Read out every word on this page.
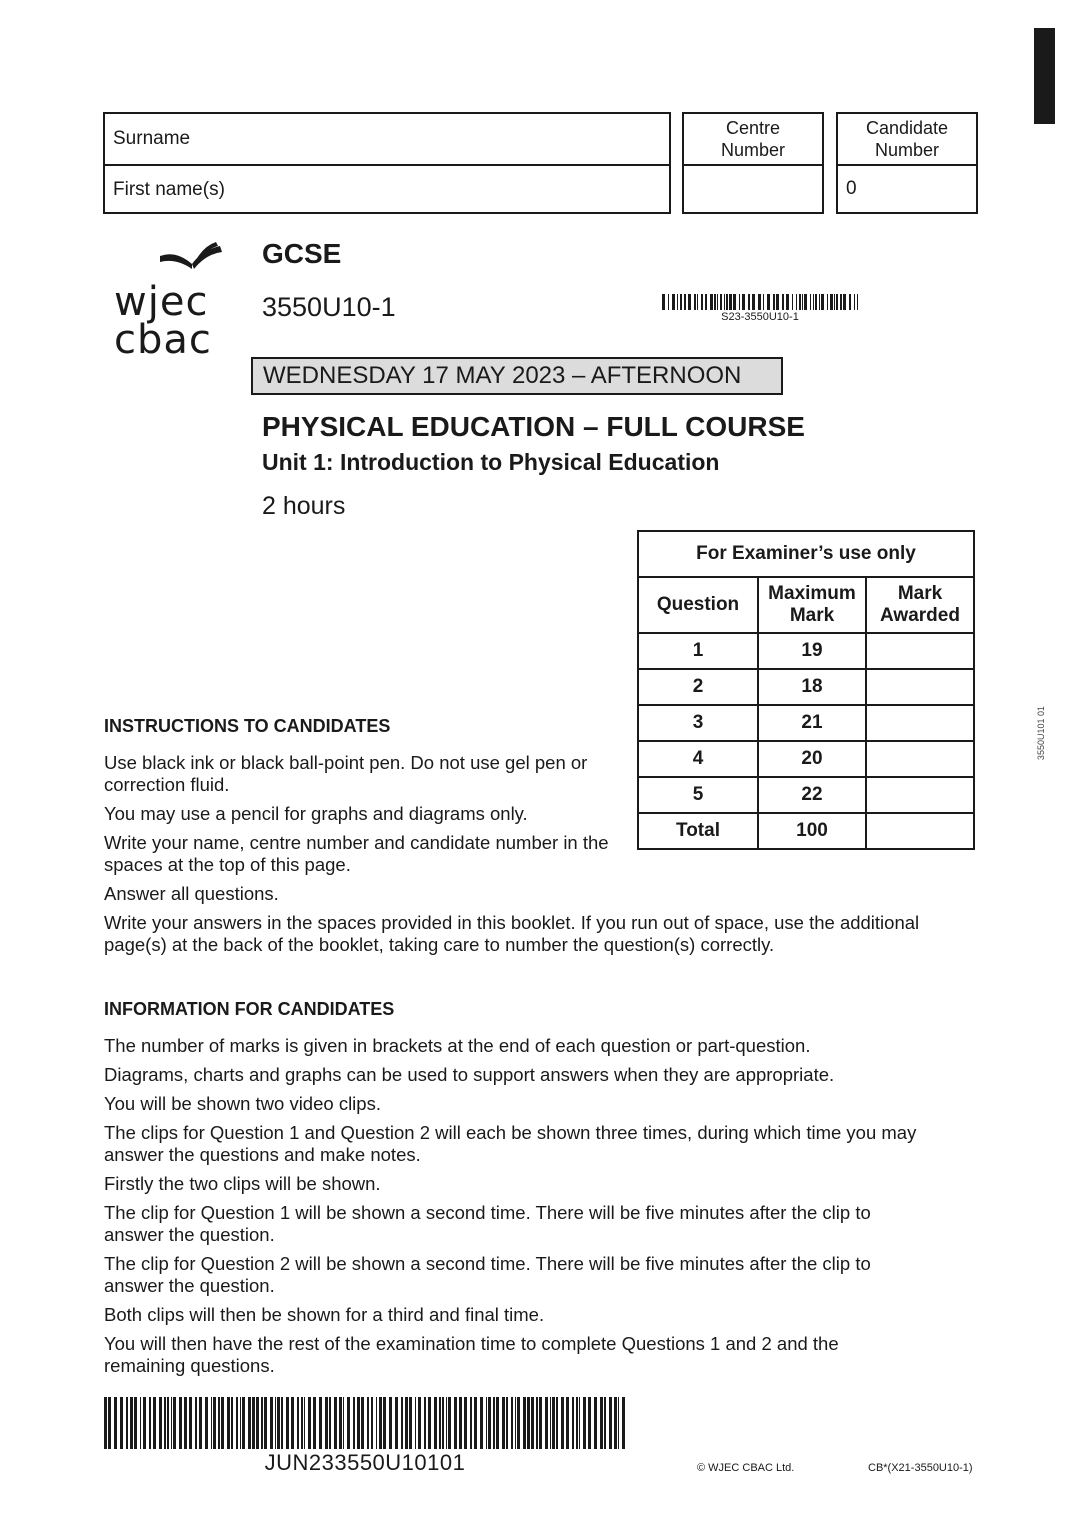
Surname
First name(s)
Centre Number
Candidate Number
0
wjec
cbac
GCSE
3550U10-1	S23-3550U10-1
WEDNESDAY 17 MAY 2023 – AFTERNOON
PHYSICAL EDUCATION – FULL COURSE
Unit 1: Introduction to Physical Education
2 hours
For Examiner’s use only		
Question	Maximum Mark	Mark Awarded
1	19	
2	18	
3	21	
4	20	
5	22	
Total	100	
INSTRUCTIONS TO CANDIDATES
Use black ink or black ball-point pen. Do not use gel pen or correction fluid.
You may use a pencil for graphs and diagrams only.
Write your name, centre number and candidate number in the spaces at the top of this page.
Answer all questions.
Write your answers in the spaces provided in this booklet. If you run out of space, use the additional page(s) at the back of the booklet, taking care to number the question(s) correctly.
INFORMATION FOR CANDIDATES
The number of marks is given in brackets at the end of each question or part-question.
Diagrams, charts and graphs can be used to support answers when they are appropriate.
You will be shown two video clips.
The clips for Question 1 and Question 2 will each be shown three times, during which time you may answer the questions and make notes.
Firstly the two clips will be shown.
The clip for Question 1 will be shown a second time. There will be five minutes after the clip to answer the question.
The clip for Question 2 will be shown a second time. There will be five minutes after the clip to answer the question.
Both clips will then be shown for a third and final time.
You will then have the rest of the examination time to complete Questions 1 and 2 and the remaining questions.
3550U101 01
JUN233550U10101	© WJEC CBAC Ltd.	CB*(X21-3550U10-1)
